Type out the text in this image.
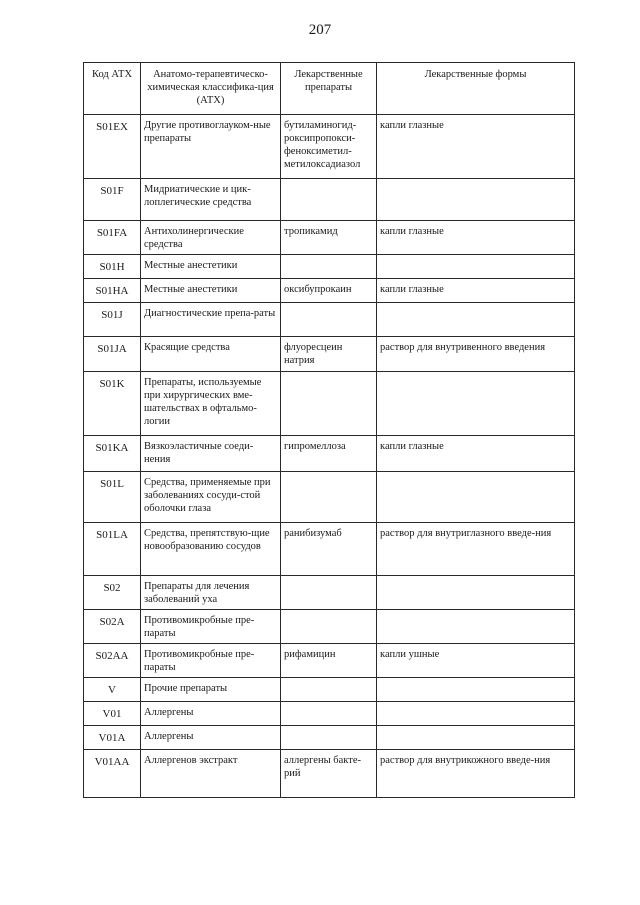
207
Код АТХ	Анатомо-терапевтическо-химическая классифика-ция (АТХ)	Лекарственные препараты	Лекарственные формы
S01EX	Другие противоглауком-ные препараты	бутиламиногид-роксипропокси-феноксиметил-метилоксадиазол	капли глазные
S01F	Мидриатические и цик-лоплегические средства		
S01FA	Антихолинергические средства	тропикамид	капли глазные
S01H	Местные анестетики		
S01HA	Местные анестетики	оксибупрокаин	капли глазные
S01J	Диагностические препа-раты		
S01JA	Красящие средства	флуоресцеин натрия	раствор для внутривенного введения
S01K	Препараты, используемые при хирургических вме-шательствах в офтальмо-логии		
S01KA	Вязкоэластичные соеди-нения	гипромеллоза	капли глазные
S01L	Средства, применяемые при заболеваниях сосуди-стой оболочки глаза		
S01LA	Средства, препятствую-щие новообразованию сосудов	ранибизумаб	раствор для внутриглазного введе-ния
S02	Препараты для лечения заболеваний уха		
S02A	Противомикробные пре-параты		
S02AA	Противомикробные пре-параты	рифамицин	капли ушные
V	Прочие препараты		
V01	Аллергены		
V01A	Аллергены		
V01AA	Аллергенов экстракт	аллергены бакте-рий	раствор для внутрикожного введе-ния
